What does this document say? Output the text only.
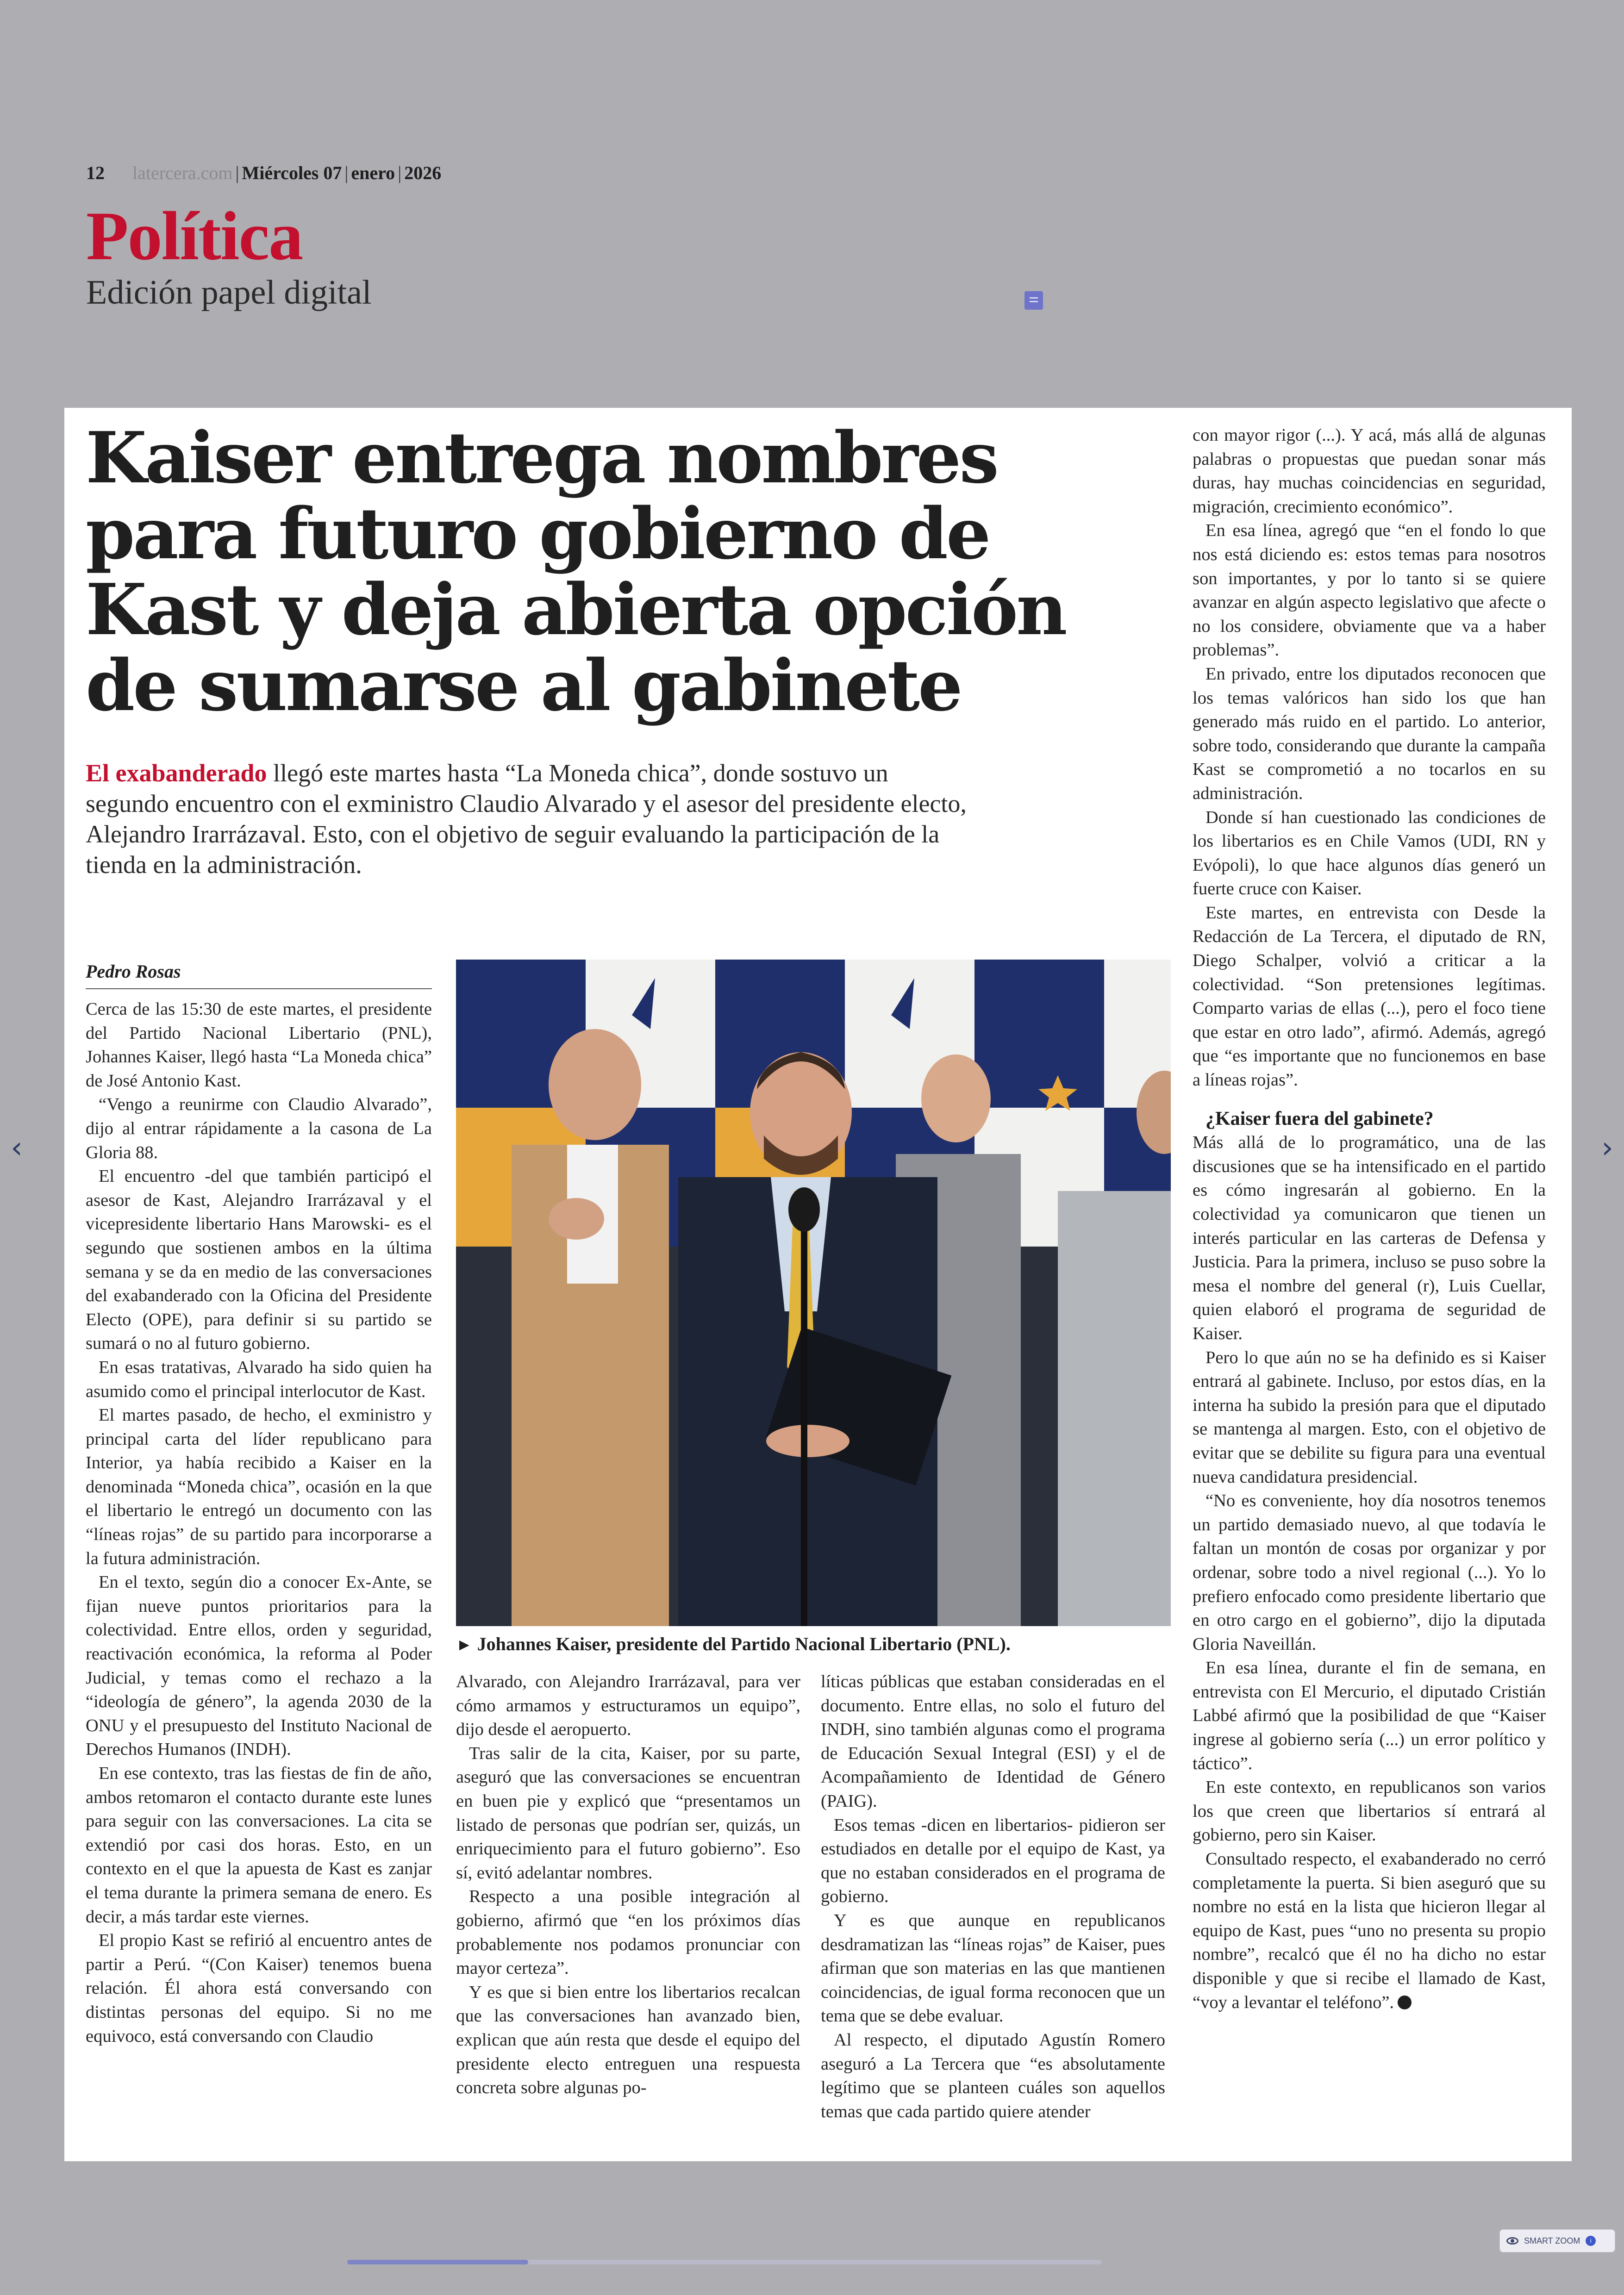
12 latercera.com | Miércoles 07 | enero | 2026
Política
Edición papel digital
‹	›
Kaiser entrega nombres para futuro gobierno de Kast y deja abierta opción de sumarse al gabinete

El exabanderado llegó este martes hasta “La Moneda chica”, donde sostuvo un segundo encuentro con el exministro Claudio Alvarado y el asesor del presidente electo, Alejandro Irarrázaval. Esto, con el objetivo de seguir evaluando la participación de la tienda en la administración.

Pedro Rosas

Cerca de las 15:30 de este martes, el presidente del Partido Nacional Libertario (PNL), Johannes Kaiser, llegó hasta “La Moneda chica” de José Antonio Kast.

“Vengo a reunirme con Claudio Alvarado”, dijo al entrar rápidamente a la casona de La Gloria 88.

El encuentro -del que también participó el asesor de Kast, Alejandro Irarrázaval y el vicepresidente libertario Hans Marowski- es el segundo que sostienen ambos en la última semana y se da en medio de las conversaciones del exabanderado con la Oficina del Presidente Electo (OPE), para definir si su partido se sumará o no al futuro gobierno.

En esas tratativas, Alvarado ha sido quien ha asumido como el principal interlocutor de Kast.

El martes pasado, de hecho, el exministro y principal carta del líder republicano para Interior, ya había recibido a Kaiser en la denominada “Moneda chica”, ocasión en la que el libertario le entregó un documento con las “líneas rojas” de su partido para incorporarse a la futura administración.

En el texto, según dio a conocer Ex-Ante, se fijan nueve puntos prioritarios para la colectividad. Entre ellos, orden y seguridad, reactivación económica, la reforma al Poder Judicial, y temas como el rechazo a la “ideología de género”, la agenda 2030 de la ONU y el presupuesto del Instituto Nacional de Derechos Humanos (INDH).

En ese contexto, tras las fiestas de fin de año, ambos retomaron el contacto durante este lunes para seguir con las conversaciones. La cita se extendió por casi dos horas. Esto, en un contexto en el que la apuesta de Kast es zanjar el tema durante la primera semana de enero. Es decir, a más tardar este viernes.

El propio Kast se refirió al encuentro antes de partir a Perú. “(Con Kaiser) tenemos buena relación. Él ahora está conversando con distintas personas del equipo. Si no me equivoco, está conversando con Claudio

► Johannes Kaiser, presidente del Partido Nacional Libertario (PNL).

Alvarado, con Alejandro Irarrázaval, para ver cómo armamos y estructuramos un equipo”, dijo desde el aeropuerto.

Tras salir de la cita, Kaiser, por su parte, aseguró que las conversaciones se encuentran en buen pie y explicó que “presentamos un listado de personas que podrían ser, quizás, un enriquecimiento para el futuro gobierno”. Eso sí, evitó adelantar nombres.

Respecto a una posible integración al gobierno, afirmó que “en los próximos días probablemente nos podamos pronunciar con mayor certeza”.

Y es que si bien entre los libertarios recalcan que las conversaciones han avanzado bien, explican que aún resta que desde el equipo del presidente electo entreguen una respuesta concreta sobre algunas po-

líticas públicas que estaban consideradas en el documento. Entre ellas, no solo el futuro del INDH, sino también algunas como el programa de Educación Sexual Integral (ESI) y el de Acompañamiento de Identidad de Género (PAIG).

Esos temas -dicen en libertarios- pidieron ser estudiados en detalle por el equipo de Kast, ya que no estaban considerados en el programa de gobierno.

Y es que aunque en republicanos desdramatizan las “líneas rojas” de Kaiser, pues afirman que son materias en las que mantienen coincidencias, de igual forma reconocen que un tema que se debe evaluar.

Al respecto, el diputado Agustín Romero aseguró a La Tercera que “es absolutamente legítimo que se planteen cuáles son aquellos temas que cada partido quiere atender

con mayor rigor (...). Y acá, más allá de algunas palabras o propuestas que puedan sonar más duras, hay muchas coincidencias en seguridad, migración, crecimiento económico”.

En esa línea, agregó que “en el fondo lo que nos está diciendo es: estos temas para nosotros son importantes, y por lo tanto si se quiere avanzar en algún aspecto legislativo que afecte o no los considere, obviamente que va a haber problemas”.

En privado, entre los diputados reconocen que los temas valóricos han sido los que han generado más ruido en el partido. Lo anterior, sobre todo, considerando que durante la campaña Kast se comprometió a no tocarlos en su administración.

Donde sí han cuestionado las condiciones de los libertarios es en Chile Vamos (UDI, RN y Evópoli), lo que hace algunos días generó un fuerte cruce con Kaiser.

Este martes, en entrevista con Desde la Redacción de La Tercera, el diputado de RN, Diego Schalper, volvió a criticar a la colectividad. “Son pretensiones legítimas. Comparto varias de ellas (...), pero el foco tiene que estar en otro lado”, afirmó. Además, agregó que “es importante que no funcionemos en base a líneas rojas”.

¿Kaiser fuera del gabinete?

Más allá de lo programático, una de las discusiones que se ha intensificado en el partido es cómo ingresarán al gobierno. En la colectividad ya comunicaron que tienen un interés particular en las carteras de Defensa y Justicia. Para la primera, incluso se puso sobre la mesa el nombre del general (r), Luis Cuellar, quien elaboró el programa de seguridad de Kaiser.

Pero lo que aún no se ha definido es si Kaiser entrará al gabinete. Incluso, por estos días, en la interna ha subido la presión para que el diputado se mantenga al margen. Esto, con el objetivo de evitar que se debilite su figura para una eventual nueva candidatura presidencial.

“No es conveniente, hoy día nosotros tenemos un partido demasiado nuevo, al que todavía le faltan un montón de cosas por organizar y por ordenar, sobre todo a nivel regional (...). Yo lo prefiero enfocado como presidente libertario que en otro cargo en el gobierno”, dijo la diputada Gloria Naveillán.

En esa línea, durante el fin de semana, en entrevista con El Mercurio, el diputado Cristián Labbé afirmó que la posibilidad de que “Kaiser ingrese al gobierno sería (...) un error político y táctico”.

En este contexto, en republicanos son varios los que creen que libertarios sí entrará al gobierno, pero sin Kaiser.

Consultado respecto, el exabanderado no cerró completamente la puerta. Si bien aseguró que su nombre no está en la lista que hicieron llegar al equipo de Kast, pues “uno no presenta su propio nombre”, recalcó que él no ha dicho no estar disponible y que si recibe el llamado de Kast, “voy a levantar el teléfono”.

SMART ZOOM	i
